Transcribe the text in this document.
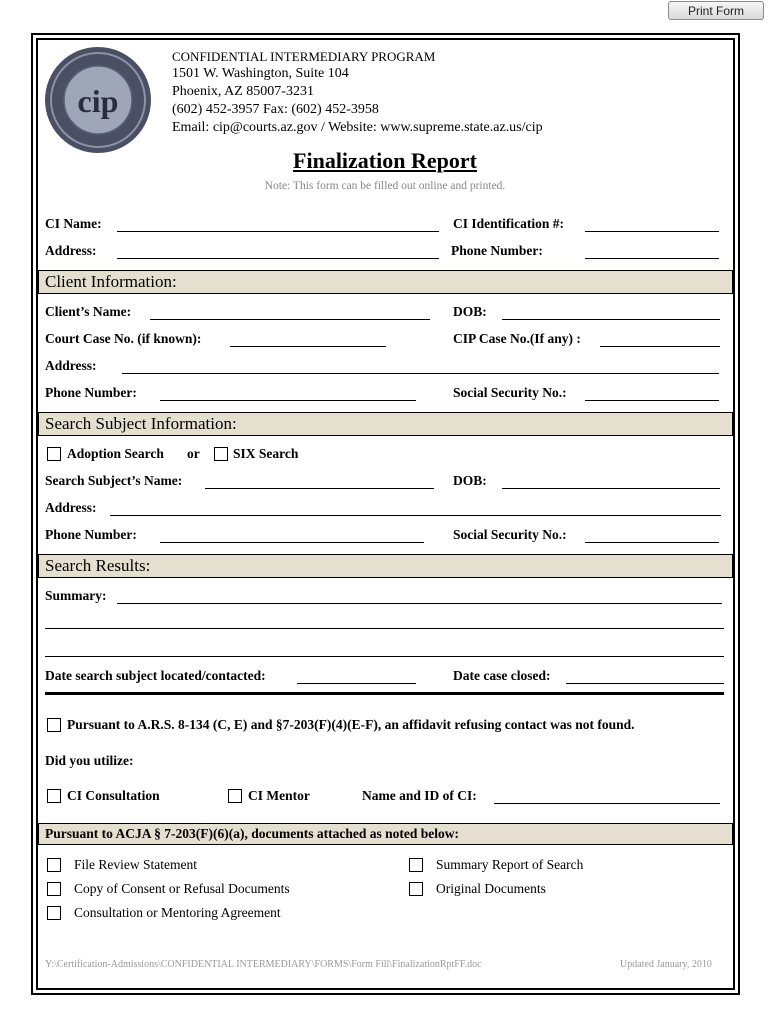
Print Form
cip
CONFIDENTIAL INTERMEDIARY PROGRAM
1501 W. Washington, Suite 104
Phoenix, AZ 85007-3231
(602) 452-3957 Fax: (602) 452-3958
Email: cip@courts.az.gov / Website: www.supreme.state.az.us/cip
Finalization Report
Note: This form can be filled out online and printed.
CI Name:	CI Identification #:
Address:	Phone Number:
Client Information:
Client’s Name:	DOB:
Court Case No. (if known):	CIP Case No.(If any) :
Address:
Phone Number:	Social Security No.:
Search Subject Information:
Adoption Search or SIX Search
Search Subject’s Name:	DOB:
Address:
Phone Number:	Social Security No.:
Search Results:
Summary:
Date search subject located/contacted:	Date case closed:
Pursuant to A.R.S. 8-134 (C, E) and §7-203(F)(4)(E-F), an affidavit refusing contact was not found.
Did you utilize:
CI Consultation	CI Mentor	Name and ID of CI:
Pursuant to ACJA § 7-203(F)(6)(a), documents attached as noted below:
File Review Statement	Summary Report of Search
Copy of Consent or Refusal Documents	Original Documents
Consultation or Mentoring Agreement
Y:\Certification-Admissions\CONFIDENTIAL INTERMEDIARY\FORMS\Form Fill\FinalizationRptFF.doc	Updated January, 2010
